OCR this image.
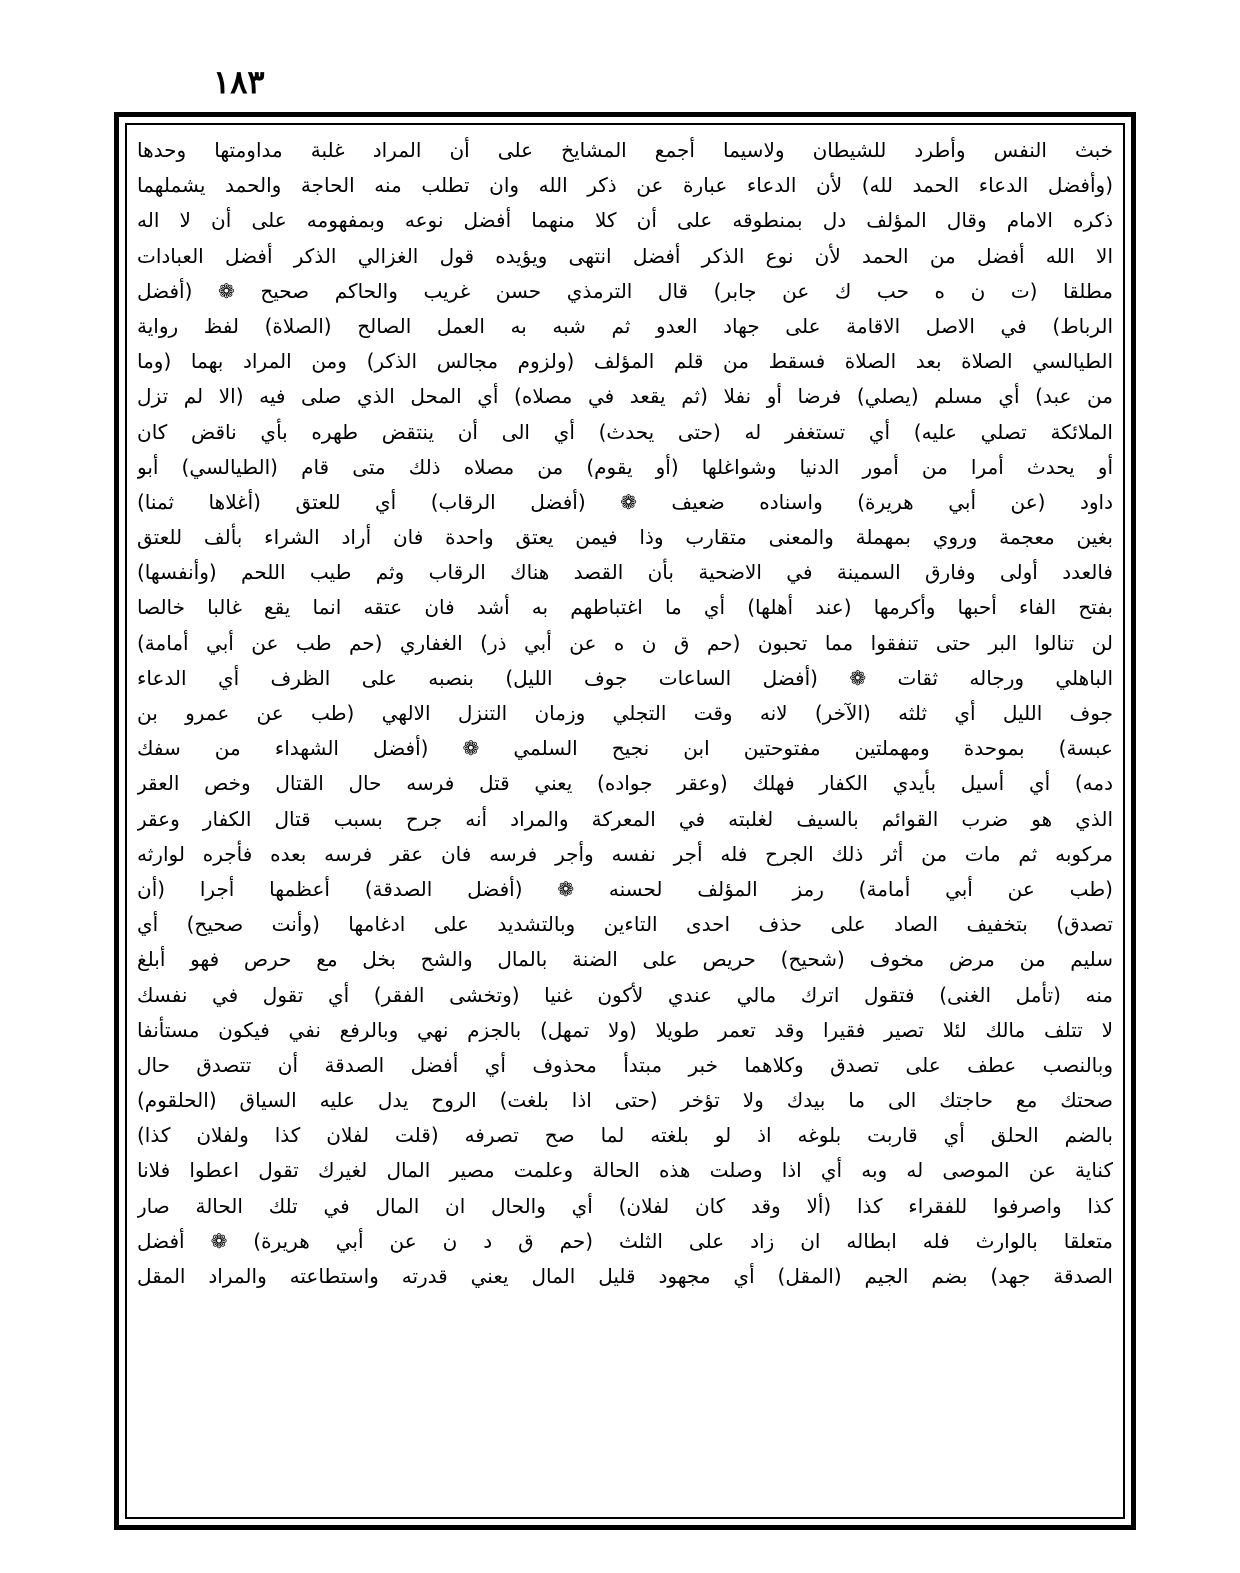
١٨٣
خبث النفس وأطرد للشيطان ولاسيما أجمع المشايخ على أن المراد غلبة مداومتها وحدها
(وأفضل الدعاء الحمد لله) لأن الدعاء عبارة عن ذكر الله وان تطلب منه الحاجة والحمد يشملهما
ذكره الامام وقال المؤلف دل بمنطوقه على أن كلا منهما أفضل نوعه وبمفهومه على أن لا اله
الا الله أفضل من الحمد لأن نوع الذكر أفضل انتهى ويؤيده قول الغزالي الذكر أفضل العبادات
مطلقا (ت ن ه حب ك عن جابر) قال الترمذي حسن غريب والحاكم صحيح ❁ (أفضل
الرباط) في الاصل الاقامة على جهاد العدو ثم شبه به العمل الصالح (الصلاة) لفظ رواية
الطيالسي الصلاة بعد الصلاة فسقط من قلم المؤلف (ولزوم مجالس الذكر) ومن المراد بهما (وما
من عبد) أي مسلم (يصلي) فرضا أو نفلا (ثم يقعد في مصلاه) أي المحل الذي صلى فيه (الا لم تزل
الملائكة تصلي عليه) أي تستغفر له (حتى يحدث) أي الى أن ينتقض طهره بأي ناقض كان
أو يحدث أمرا من أمور الدنيا وشواغلها (أو يقوم) من مصلاه ذلك متى قام (الطيالسي) أبو
داود (عن أبي هريرة) واسناده ضعيف ❁ (أفضل الرقاب) أي للعتق (أغلاها ثمنا)
بغين معجمة وروي بمهملة والمعنى متقارب وذا فيمن يعتق واحدة فان أراد الشراء بألف للعتق
فالعدد أولى وفارق السمينة في الاضحية بأن القصد هناك الرقاب وثم طيب اللحم (وأنفسها)
بفتح الفاء أحبها وأكرمها (عند أهلها) أي ما اغتباطهم به أشد فان عتقه انما يقع غالبا خالصا
لن تنالوا البر حتى تنفقوا مما تحبون (حم ق ن ه عن أبي ذر) الغفاري (حم طب عن أبي أمامة)
الباهلي ورجاله ثقات ❁ (أفضل الساعات جوف الليل) بنصبه على الظرف أي الدعاء
جوف الليل أي ثلثه (الآخر) لانه وقت التجلي وزمان التنزل الالهي (طب عن عمرو بن
عبسة) بموحدة ومهملتين مفتوحتين ابن نجيح السلمي ❁ (أفضل الشهداء من سفك
دمه) أي أسيل بأيدي الكفار فهلك (وعقر جواده) يعني قتل فرسه حال القتال وخص العقر
الذي هو ضرب القوائم بالسيف لغلبته في المعركة والمراد أنه جرح بسبب قتال الكفار وعقر
مركوبه ثم مات من أثر ذلك الجرح فله أجر نفسه وأجر فرسه فان عقر فرسه بعده فأجره لوارثه
(طب عن أبي أمامة) رمز المؤلف لحسنه ❁ (أفضل الصدقة) أعظمها أجرا (أن
تصدق) بتخفيف الصاد على حذف احدى التاءين وبالتشديد على ادغامها (وأنت صحيح) أي
سليم من مرض مخوف (شحيح) حريص على الضنة بالمال والشح بخل مع حرص فهو أبلغ
منه (تأمل الغنى) فتقول اترك مالي عندي لأكون غنيا (وتخشى الفقر) أي تقول في نفسك
لا تتلف مالك لئلا تصير فقيرا وقد تعمر طويلا (ولا تمهل) بالجزم نهي وبالرفع نفي فيكون مستأنفا
وبالنصب عطف على تصدق وكلاهما خبر مبتدأ محذوف أي أفضل الصدقة أن تتصدق حال
صحتك مع حاجتك الى ما بيدك ولا تؤخر (حتى اذا بلغت) الروح يدل عليه السياق (الحلقوم)
بالضم الحلق أي قاربت بلوغه اذ لو بلغته لما صح تصرفه (قلت لفلان كذا ولفلان كذا)
كناية عن الموصى له وبه أي اذا وصلت هذه الحالة وعلمت مصير المال لغيرك تقول اعطوا فلانا
كذا واصرفوا للفقراء كذا (ألا وقد كان لفلان) أي والحال ان المال في تلك الحالة صار
متعلقا بالوارث فله ابطاله ان زاد على الثلث (حم ق د ن عن أبي هريرة) ❁ أفضل
الصدقة جهد) بضم الجيم (المقل) أي مجهود قليل المال يعني قدرته واستطاعته والمراد المقل
